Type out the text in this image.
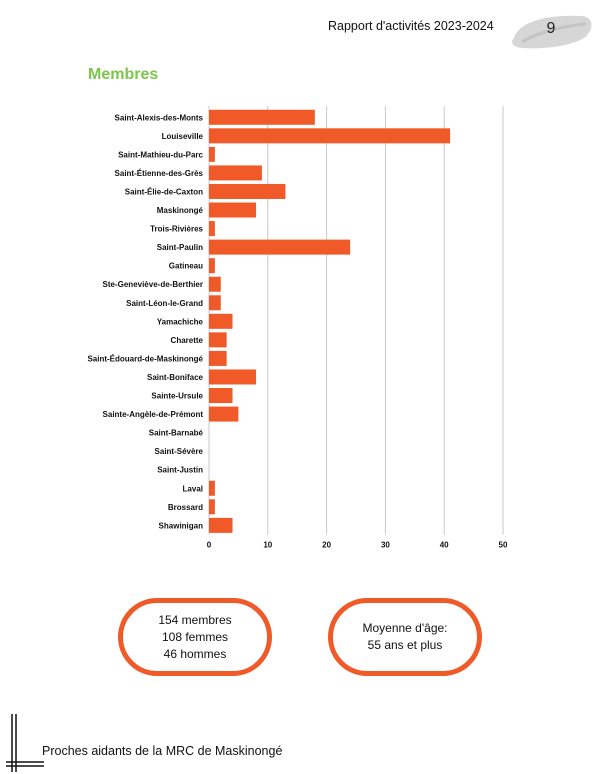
Rapport d'activités 2023-2024	9
Membres
0	10	20	30	40	50
Saint-Alexis-des-Monts
Louiseville
Saint-Mathieu-du-Parc
Saint-Étienne-des-Grès
Saint-Élie-de-Caxton
Maskinongé
Trois-Rivières
Saint-Paulin
Gatineau
Ste-Geneviève-de-Berthier
Saint-Léon-le-Grand
Yamachiche
Charette
Saint-Édouard-de-Maskinongé
Saint-Boniface
Sainte-Ursule
Sainte-Angèle-de-Prémont
Saint-Barnabé
Saint-Sévère
Saint-Justin
Laval
Brossard
Shawinigan
154 membres
108 femmes
46 hommes
Moyenne d'âge:
55 ans et plus
Proches aidants de la MRC de Maskinongé
